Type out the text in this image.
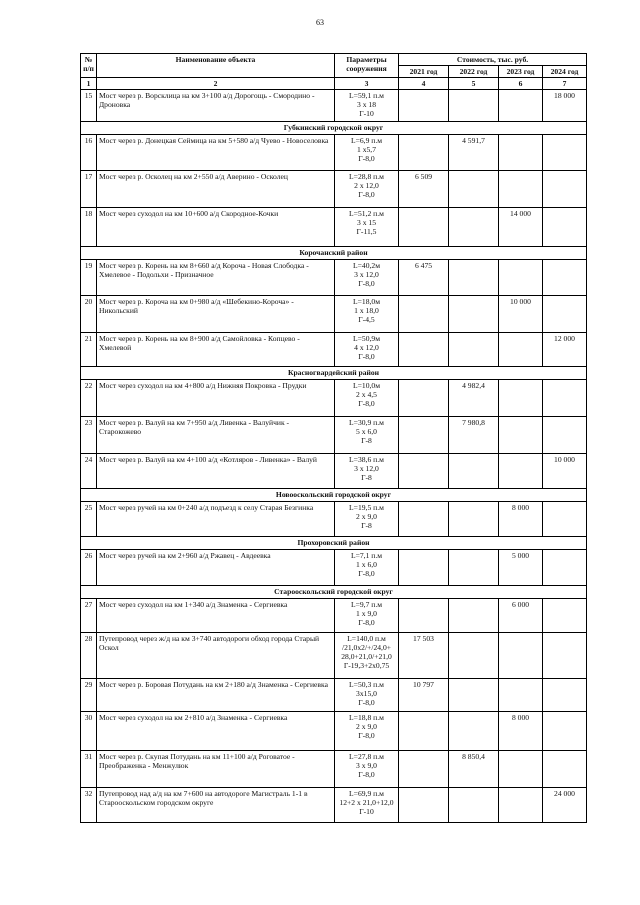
63
№
п/п	Наименование объекта	Параметры сооружения	Стоимость, тыс. руб.			
			2021 год	2022 год	2023 год	2024 год
1	2	3	4	5	6	7
15	Мост через р. Ворсклица на км 3+100 а/д Дорогощь - Смородино - Дроновка	L=59,1 п.м
3 х 18
Г-10				18 000
Губкинский городской округ						
16	Мост через р. Донецкая Сеймица на км 5+580 а/д Чуево - Новоселовка	L=6,9 п.м
1 х5,7
Г-8,0		4 591,7		
17	Мост через р. Осколец на км 2+550 а/д Аверино - Осколец	L=28,8 п.м
2 х 12,0
Г-8,0	6 509			
18	Мост через суходол на км 10+600 а/д Скородное-Кочки	L=51,2 п.м
3 х 15
Г-11,5			14 000	
Корочанский район						
19	Мост через р. Корень на км 8+660 а/д Короча - Новая Слободка - Хмелевое - Подольхи - Призначное	L=40,2м
3 х 12,0
Г-8,0	6 475			
20	Мост через р. Короча на км 0+980 а/д «Шебекино-Короча» - Никольский	L=18,0м
1 х 18,0
Г-4,5			10 000	
21	Мост через р. Корень на км 8+900 а/д Самойловка - Копцево - Хмелевой	L=50,9м
4 х 12,0
Г-8,0				12 000
Красногвардейский район						
22	Мост через суходол на км 4+800 а/д Нижняя Покровка - Прудки	L=10,0м
2 х 4,5
Г-8,0		4 982,4		
23	Мост через р. Валуй на км 7+950 а/д Ливенка - Валуйчик - Старокожево	L=30,9 п.м
5 х 6,0
Г-8		7 980,8		
24	Мост через р. Валуй на км 4+100 а/д «Котляров - Ливенка» - Валуй	L=38,6 п.м
3 х 12,0
Г-8				10 000
Новооскольский городской округ						
25	Мост через ручей на км 0+240 а/д подъезд к селу Старая Безгинка	L=19,5 п.м
2 х 9,0
Г-8			8 000	
Прохоровский район						
26	Мост через ручей на км 2+960 а/д Ржавец - Авдеевка	L=7,1 п.м
1 х 6,0
Г-8,0			5 000	
Старооскольский городской округ						
27	Мост через суходол на км 1+340 а/д Знаменка - Сергиевка	L=9,7 п.м
1 х 9,0
Г-8,0			6 000	
28	Путепровод через ж/д на км 3+740 автодороги обход города Старый Оскол	L=140,0 п.м
/21,0х2/+/24,0+
28,0+21,0/+21,0
Г-19,3+2х0,75	17 503			
29	Мост через р. Боровая Потудань на км 2+180 а/д Знаменка - Сергиевка	L=50,3 п.м
3х15,0
Г-8,0	10 797			
30	Мост через суходол на км 2+810 а/д Знаменка - Сергиевка	L=18,8 п.м
2 х 9,0
Г-8,0			8 000	
31	Мост через р. Скупая Потудань на км 11+100 а/д Роговатое - Преображенка - Менжулюк	L=27,8 п.м
3 х 9,0
Г-8,0		8 850,4		
32	Путепровод над а/д на км 7+600 на автодороге Магистраль 1-1 в Старооскольском городском округе	L=69,9 п.м
12+2 х 21,0+12,0
Г-10				24 000
